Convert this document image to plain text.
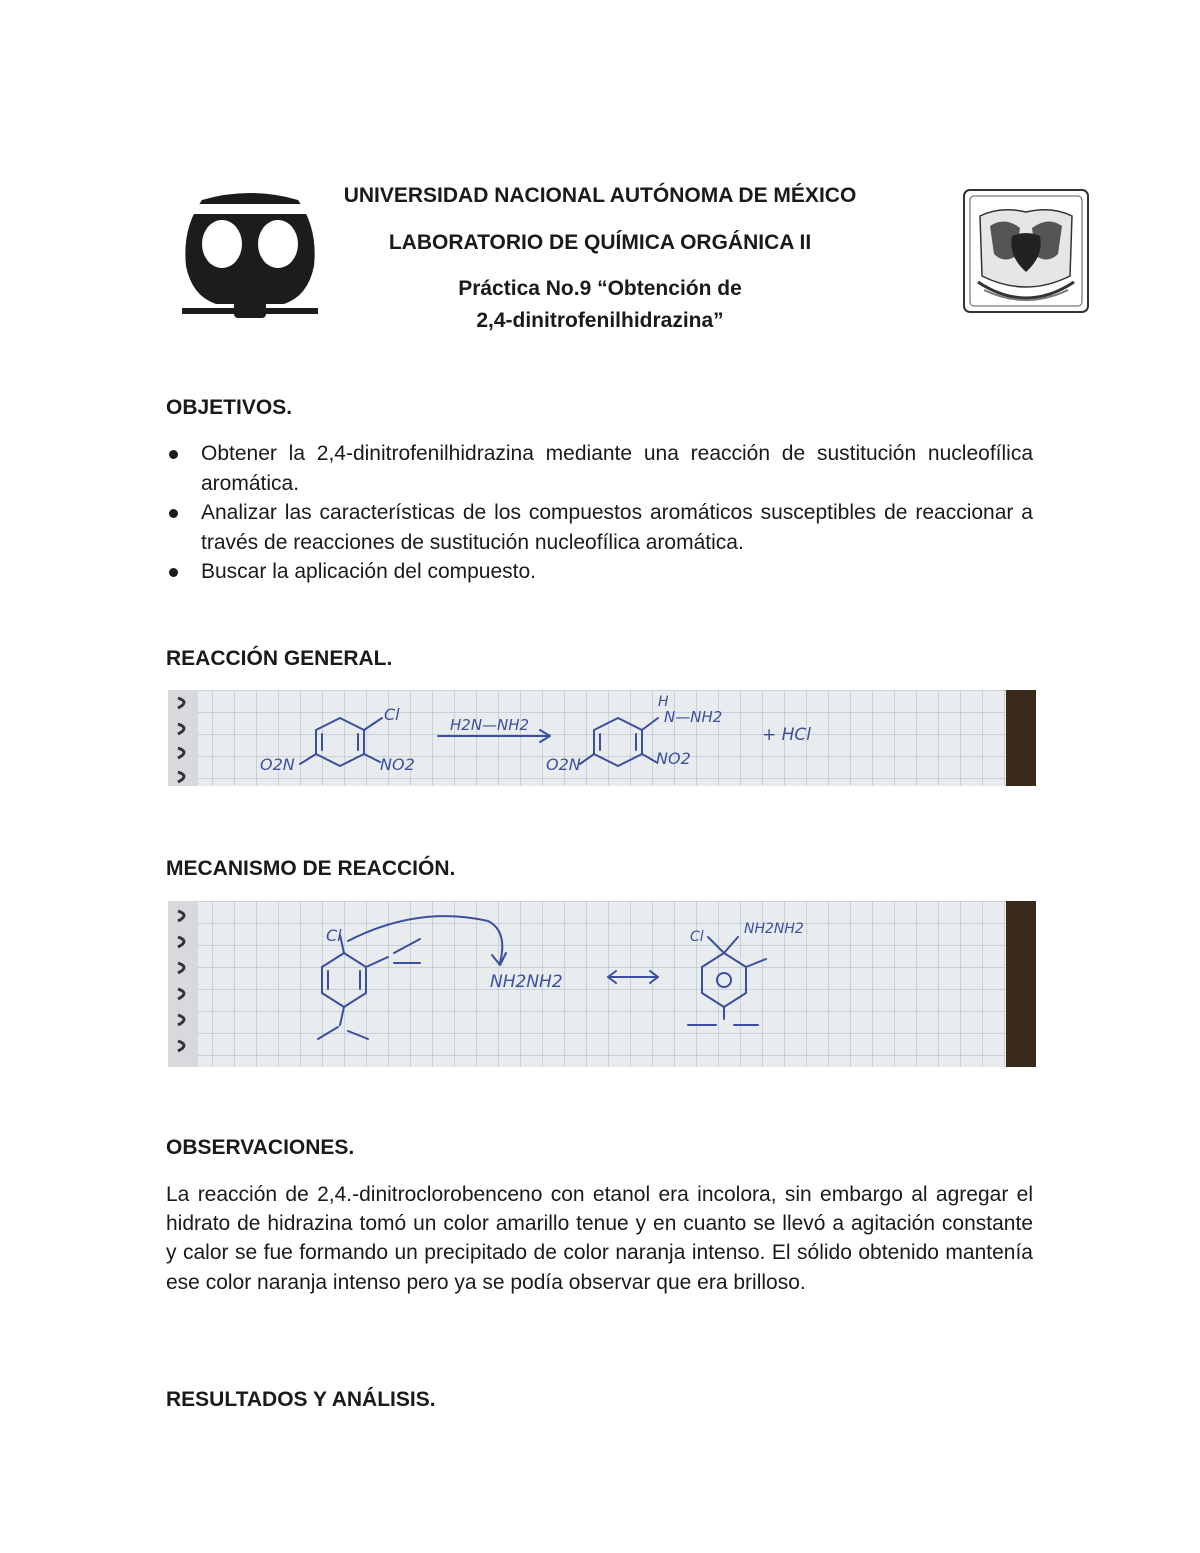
UNIVERSIDAD NACIONAL AUTÓNOMA DE MÉXICO
LABORATORIO DE QUÍMICA ORGÁNICA II
Práctica No.9 “Obtención de
2,4-dinitrofenilhidrazina”
OBJETIVOS.
Obtener la 2,4-dinitrofenilhidrazina mediante una reacción de sustitución nucleofílica aromática.
Analizar las características de los compuestos aromáticos susceptibles de reaccionar a través de reacciones de sustitución nucleofílica aromática.
Buscar la aplicación del compuesto.
REACCIÓN GENERAL.
Cl
O2N	NO2
H2N—NH2
H
N—NH2
O2N	NO2
+ HCl
MECANISMO DE REACCIÓN.
Cl
NH2NH2
Cl	NH2NH2
OBSERVACIONES.

La reacción de 2,4.-dinitroclorobenceno con etanol era incolora, sin embargo al agregar el hidrato de hidrazina tomó un color amarillo tenue y en cuanto se llevó a agitación constante y calor se fue formando un precipitado de color naranja intenso. El sólido obtenido mantenía ese color naranja intenso pero ya se podía observar que era brilloso.

RESULTADOS Y ANÁLISIS.
